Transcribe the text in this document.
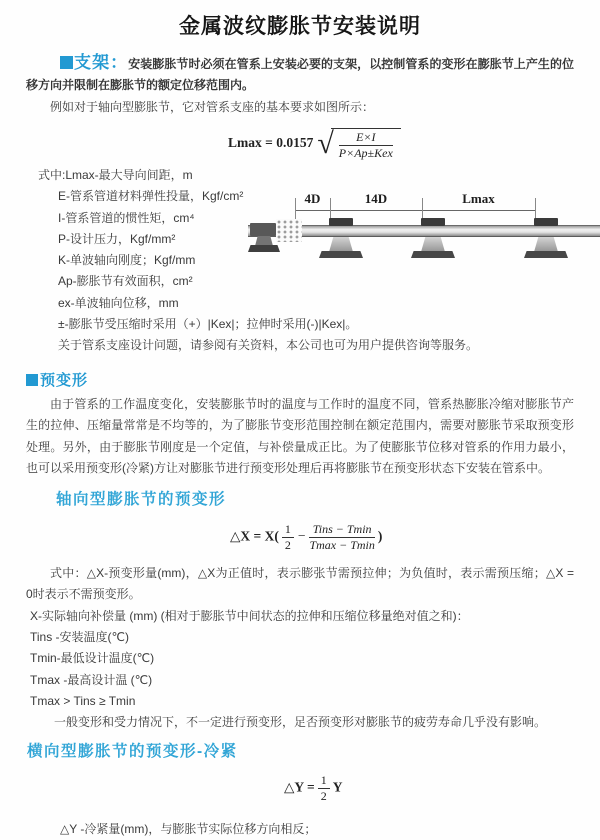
金属波纹膨胀节安装说明

支架：安装膨胀节时必须在管系上安装必要的支架，以控制管系的变形在膨胀节上产生的位移方向并限制在膨胀节的额定位移范围内。

例如对于轴向型膨胀节，它对管系支座的基本要求如图所示：

Lmax = 0.0157 √ $\frac{E\times I}{\text{P×Ap±Kex}}$
式中:Lmax-最大导向间距，m
E-管系管道材料弹性投量，Kgf/cm²
I-管系管道的惯性矩，cm⁴
P-设计压力，Kgf/mm²
K-单波轴向刚度；Kgf/mm
Ap-膨胀节有效面积，cm²
ex-单波轴向位移，mm
±-膨胀节受压缩时采用（+）|Kex|；拉伸时采用(-)|Kex|。
关于管系支座设计问题，请参阅有关资料，本公司也可为用户提供咨询等服务。
4D	14D	Lmax
预变形

由于管系的工作温度变化，安装膨胀节时的温度与工作时的温度不同，管系热膨胀冷缩对膨胀节产生的拉伸、压缩量常常是不均等的，为了膨胀节变形范围控制在额定范围内，需要对膨胀节采取预变形处理。另外，由于膨胀节刚度是一个定值，与补偿量成正比。为了使膨胀节位移对管系的作用力最小，也可以采用预变形(冷紧)方让对膨胀节进行预变形处理后再将膨胀节在预变形状态下安装在管系中。

轴向型膨胀节的预变形
△X = $X( \frac{1}{2} - \frac{\text{Tins − Tmin}}{Tmax - Tmin}$ )

式中：△X-预变形量(mm)，△X为正值时，表示膨张节需预拉伸；为负值时，表示需预压缩；△X = 0时表示不需预变形。

X-实际轴向补偿量 (mm) (相对于膨胀节中间状态的拉伸和压缩位移量绝对值之和)：
Tins -安装温度(℃)
Tmin-最低设计温度(℃)
Tmax -最高设计温 (℃)
Tmax > Tins ≥ Tmin
一般变形和受力情况下，不一定进行预变形，足否预变形对膨胀节的疲劳寿命几乎没有影响。
横向型膨胀节的预变形-冷紧
△Y = $\frac{1}{2}$ Y
△Y -冷紧量(mm)，与膨胀节实际位移方向相反；
